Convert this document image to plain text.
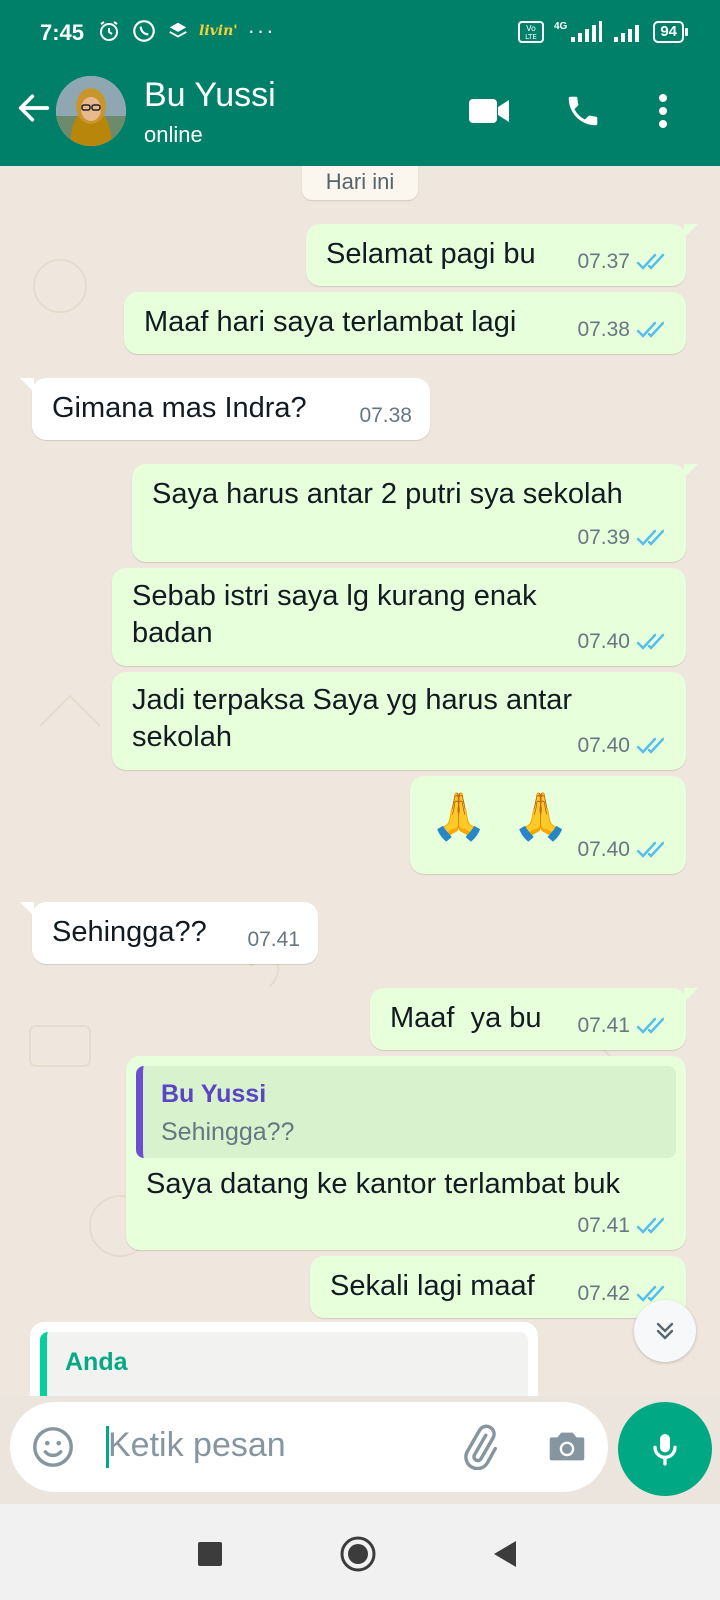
7:45	livin' ···	Vo
LTE
4G	94
Bu Yussi
online
Hari ini
Selamat pagi bu 07.37
Maaf hari saya terlambat lagi	07.38
Gimana mas Indra?	07.38
Saya harus antar 2 putri sya sekolah
07.39
Sebab istri saya lg kurang enak
badan	07.40
Jadi terpaksa Saya yg harus antar
sekolah	07.40
🙏 🙏
07.40
Sehingga?? 07.41
Maaf  ya bu 07.41
Bu Yussi
Sehingga??
Saya datang ke kantor terlambat buk
07.41
Sekali lagi maaf 07.42
Anda
Ketik pesan
